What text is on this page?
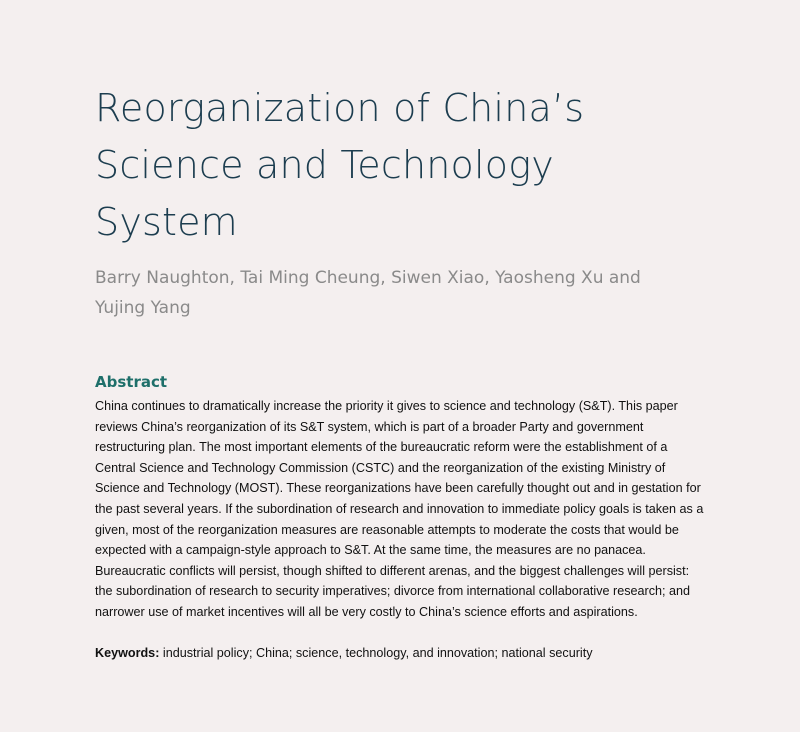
Reorganization of China’s Science and Technology System
Barry Naughton, Tai Ming Cheung, Siwen Xiao, Yaosheng Xu and Yujing Yang
Abstract
China continues to dramatically increase the priority it gives to science and technology (S&T). This paper reviews China’s reorganization of its S&T system, which is part of a broader Party and government restructuring plan. The most important elements of the bureaucratic reform were the establishment of a Central Science and Technology Commission (CSTC) and the reorganization of the existing Ministry of Science and Technology (MOST). These reorganizations have been carefully thought out and in gestation for the past several years. If the subordination of research and innovation to immediate policy goals is taken as a given, most of the reorganization measures are reasonable attempts to moderate the costs that would be expected with a campaign-style approach to S&T. At the same time, the measures are no panacea. Bureaucratic conflicts will persist, though shifted to different arenas, and the biggest challenges will persist: the subordination of research to security imperatives; divorce from international collaborative research; and narrower use of market incentives will all be very costly to China’s science efforts and aspirations.
Keywords: industrial policy; China; science, technology, and innovation; national security
